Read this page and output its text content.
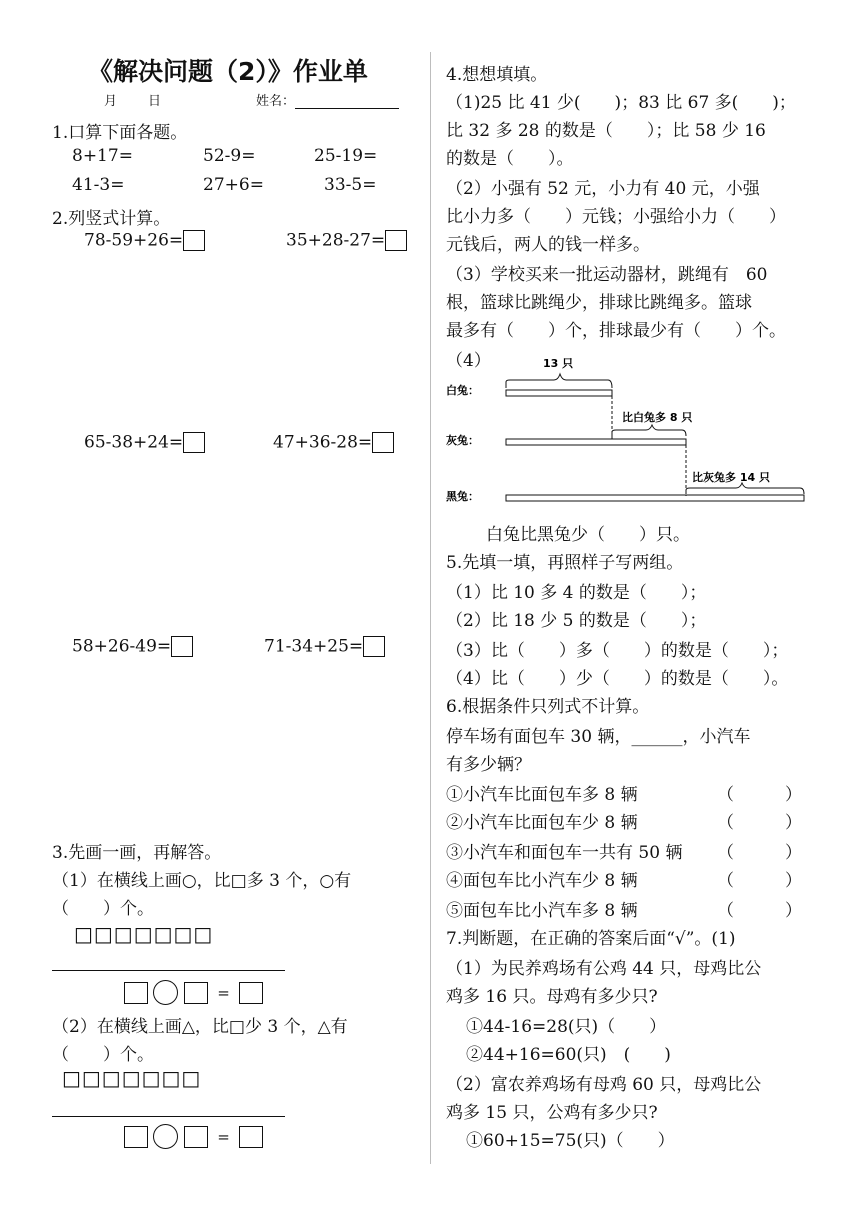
《解决问题（2）》作业单
月 日	姓名：
1.口算下面各题。
8+17=	52-9=	25-19=
41-3=	27+6=	33-5=
2.列竖式计算。
78-59+26=	35+28-27=
65-38+24=	47+36-28=
58+26-49=	71-34+25=
3.先画一画，再解答。
（1）在横线上画○，比□多 3 个，○有
（　　）个。
□□□□□□□
=
（2）在横线上画△，比□少 3 个，△有
（　　）个。
□□□□□□□
=
4.想想填填。
（1)25 比 41 少(　　)；83 比 67 多(　　)；
比 32 多 28 的数是（　　）；比 58 少 16
的数是（　　）。
（2）小强有 52 元，小力有 40 元，小强
比小力多（　　）元钱；小强给小力（　　）
元钱后，两人的钱一样多。
（3）学校买来一批运动器材，跳绳有　60
根，篮球比跳绳少，排球比跳绳多。篮球
最多有（　　）个，排球最少有（　　）个。
（4）	13 只
白兔：
比白兔多 8 只
灰兔：
比灰兔多 14 只
黑兔：
白兔比黑兔少（　　）只。
5.先填一填，再照样子写两组。
（1）比 10 多 4 的数是（　　）；
（2）比 18 少 5 的数是（　　）；
（3）比（　　）多（　　）的数是（　　）；
（4）比（　　）少（　　）的数是（　　）。
6.根据条件只列式不计算。
停车场有面包车 30 辆，______，小汽车
有多少辆？
①小汽车比面包车多 8 辆	（　　　）
②小汽车比面包车少 8 辆	（　　　）
③小汽车和面包车一共有 50 辆 （　　　）
④面包车比小汽车少 8 辆	（　　　）
⑤面包车比小汽车多 8 辆	（　　　）
7.判断题，在正确的答案后面“√”。(1)
（1）为民养鸡场有公鸡 44 只，母鸡比公
鸡多 16 只。母鸡有多少只?
①44-16=28(只)（　　）
②44+16=60(只)　(　　)
（2）富农养鸡场有母鸡 60 只，母鸡比公
鸡多 15 只，公鸡有多少只?
①60+15=75(只)（　　）
